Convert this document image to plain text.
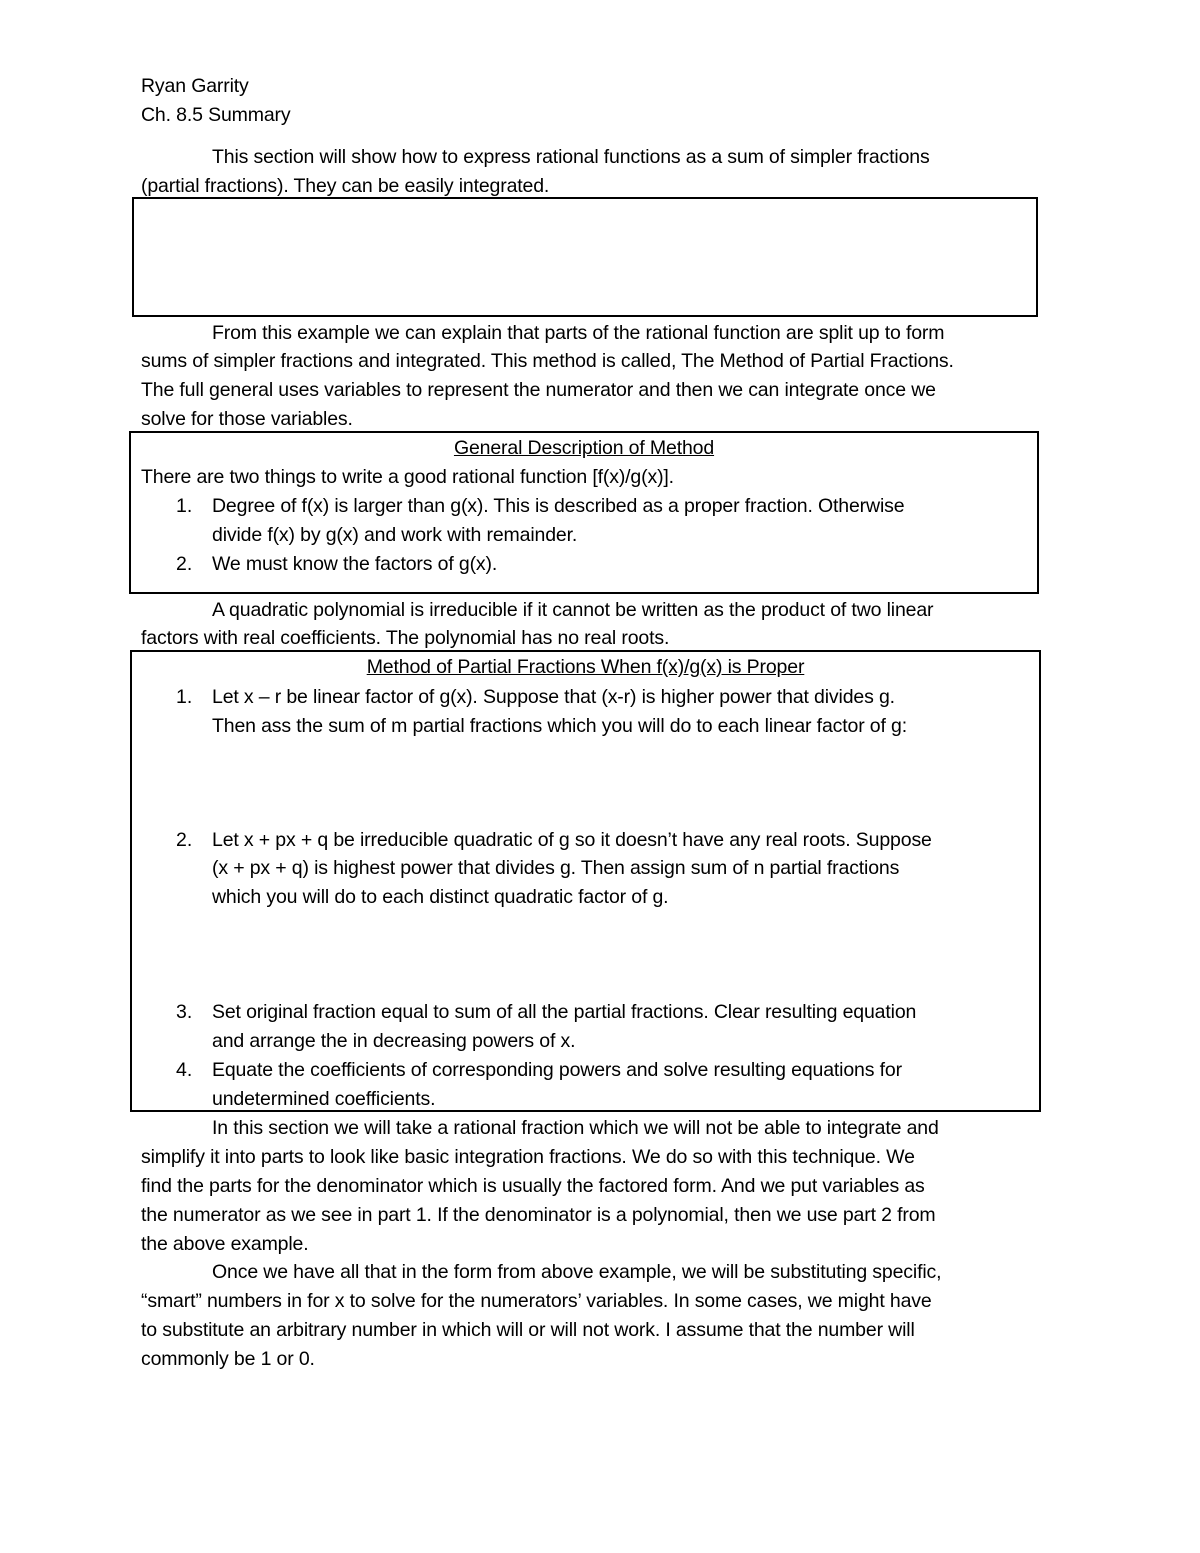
Ryan Garrity
Ch. 8.5 Summary
This section will show how to express rational functions as a sum of simpler fractions
(partial fractions). They can be easily integrated.
From this example we can explain that parts of the rational function are split up to form
sums of simpler fractions and integrated. This method is called, The Method of Partial Fractions.
The full general uses variables to represent the numerator and then we can integrate once we
solve for those variables.
General Description of Method
There are two things to write a good rational function [f(x)/g(x)].
1. Degree of f(x) is larger than g(x). This is described as a proper fraction. Otherwise
divide f(x) by g(x) and work with remainder.
2. We must know the factors of g(x).
A quadratic polynomial is irreducible if it cannot be written as the product of two linear
factors with real coefficients. The polynomial has no real roots.
Method of Partial Fractions When f(x)/g(x) is Proper
1. Let x – r be linear factor of g(x). Suppose that (x-r) is higher power that divides g.
Then ass the sum of m partial fractions which you will do to each linear factor of g:
2. Let x + px + q be irreducible quadratic of g so it doesn’t have any real roots. Suppose
(x + px + q) is highest power that divides g. Then assign sum of n partial fractions
which you will do to each distinct quadratic factor of g.
3. Set original fraction equal to sum of all the partial fractions. Clear resulting equation
and arrange the in decreasing powers of x.
4. Equate the coefficients of corresponding powers and solve resulting equations for
undetermined coefficients.
In this section we will take a rational fraction which we will not be able to integrate and
simplify it into parts to look like basic integration fractions. We do so with this technique. We
find the parts for the denominator which is usually the factored form. And we put variables as
the numerator as we see in part 1. If the denominator is a polynomial, then we use part 2 from
the above example.
Once we have all that in the form from above example, we will be substituting specific,
“smart” numbers in for x to solve for the numerators’ variables. In some cases, we might have
to substitute an arbitrary number in which will or will not work. I assume that the number will
commonly be 1 or 0.
